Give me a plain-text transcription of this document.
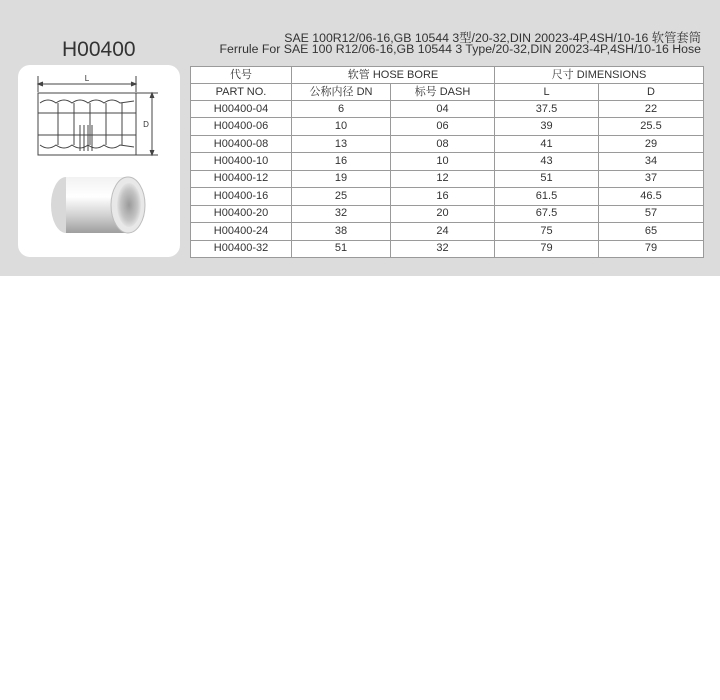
H00400	SAE 100R12/06-16,GB 10544 3型/20-32,DIN 20023-4P,4SH/10-16 软管套筒
Ferrule For SAE 100 R12/06-16,GB 10544 3 Type/20-32,DIN 20023-4P,4SH/10-16 Hose
L
D
代号	软管 HOSE BORE		尺寸 DIMENSIONS	
PART NO.	公称内径 DN	标号 DASH	L	D
H00400-04	6	04	37.5	22
H00400-06	10	06	39	25.5
H00400-08	13	08	41	29
H00400-10	16	10	43	34
H00400-12	19	12	51	37
H00400-16	25	16	61.5	46.5
H00400-20	32	20	67.5	57
H00400-24	38	24	75	65
H00400-32	51	32	79	79
